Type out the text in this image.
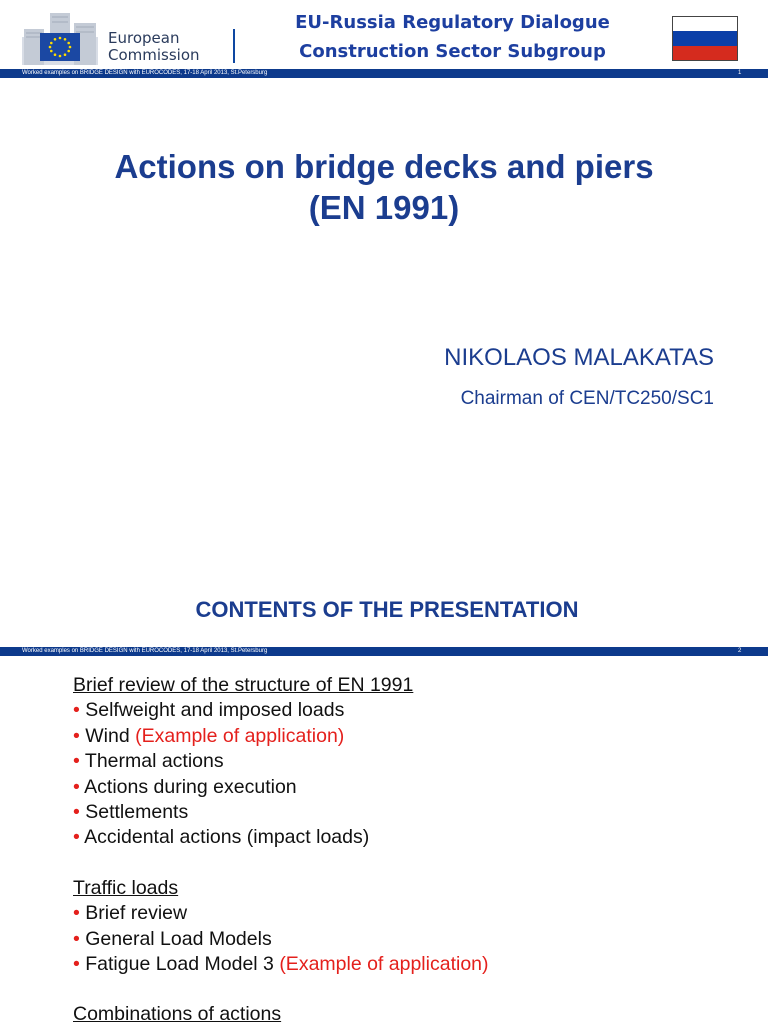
European
Commission
EU-Russia Regulatory Dialogue
Construction Sector Subgroup
Worked examples on BRIDGE DESIGN with EUROCODES, 17-18 April 2013, St.Petersburg	1
Actions on bridge decks and piers
(EN 1991)
NIKOLAOS MALAKATAS
Chairman of CEN/TC250/SC1
CONTENTS OF THE PRESENTATION
Worked examples on BRIDGE DESIGN with EUROCODES, 17-18 April 2013, St.Petersburg	2
Brief review of the structure of EN 1991
• Selfweight and imposed loads
• Wind (Example of application)
• Thermal actions
• Actions during execution
• Settlements
• Accidental actions (impact loads)
Traffic loads
• Brief review
• General Load Models
• Fatigue Load Model 3 (Example of application)
Combinations of actions
